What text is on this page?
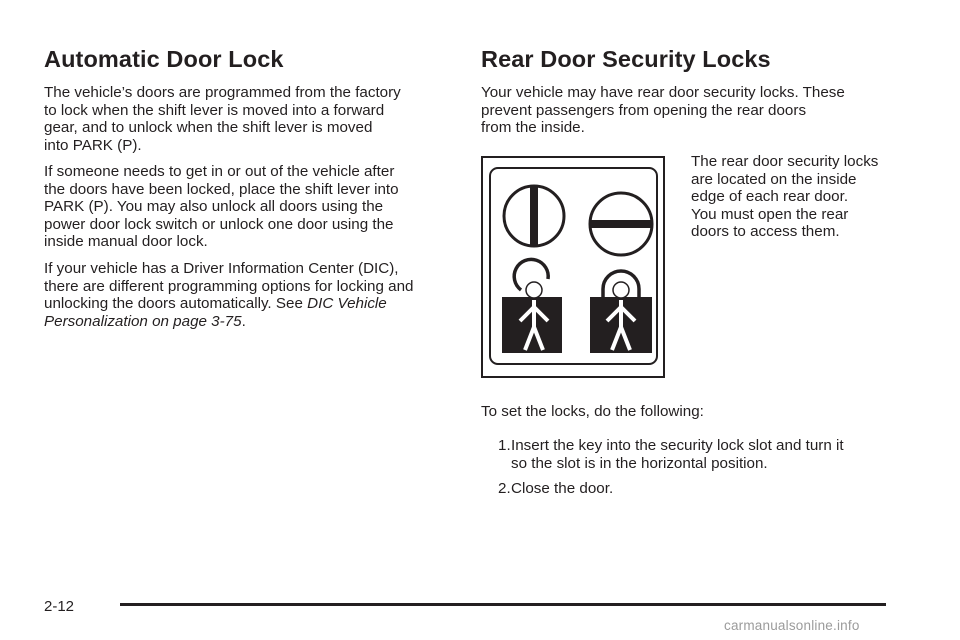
Automatic Door Lock

The vehicle’s doors are programmed from the factory
to lock when the shift lever is moved into a forward
gear, and to unlock when the shift lever is moved
into PARK (P).

If someone needs to get in or out of the vehicle after
the doors have been locked, place the shift lever into
PARK (P). You may also unlock all doors using the
power door lock switch or unlock one door using the
inside manual door lock.

If your vehicle has a Driver Information Center (DIC),
there are different programming options for locking and
unlocking the doors automatically. See DIC Vehicle
Personalization on page 3-75.

Rear Door Security Locks

Your vehicle may have rear door security locks. These
prevent passengers from opening the rear doors
from the inside.

The rear door security locks
are located on the inside
edge of each rear door.
You must open the rear
doors to access them.

To set the locks, do the following:

1. Insert the key into the security lock slot and turn it
so the slot is in the horizontal position.
2. Close the door.
2-12
carmanualsonline.info
